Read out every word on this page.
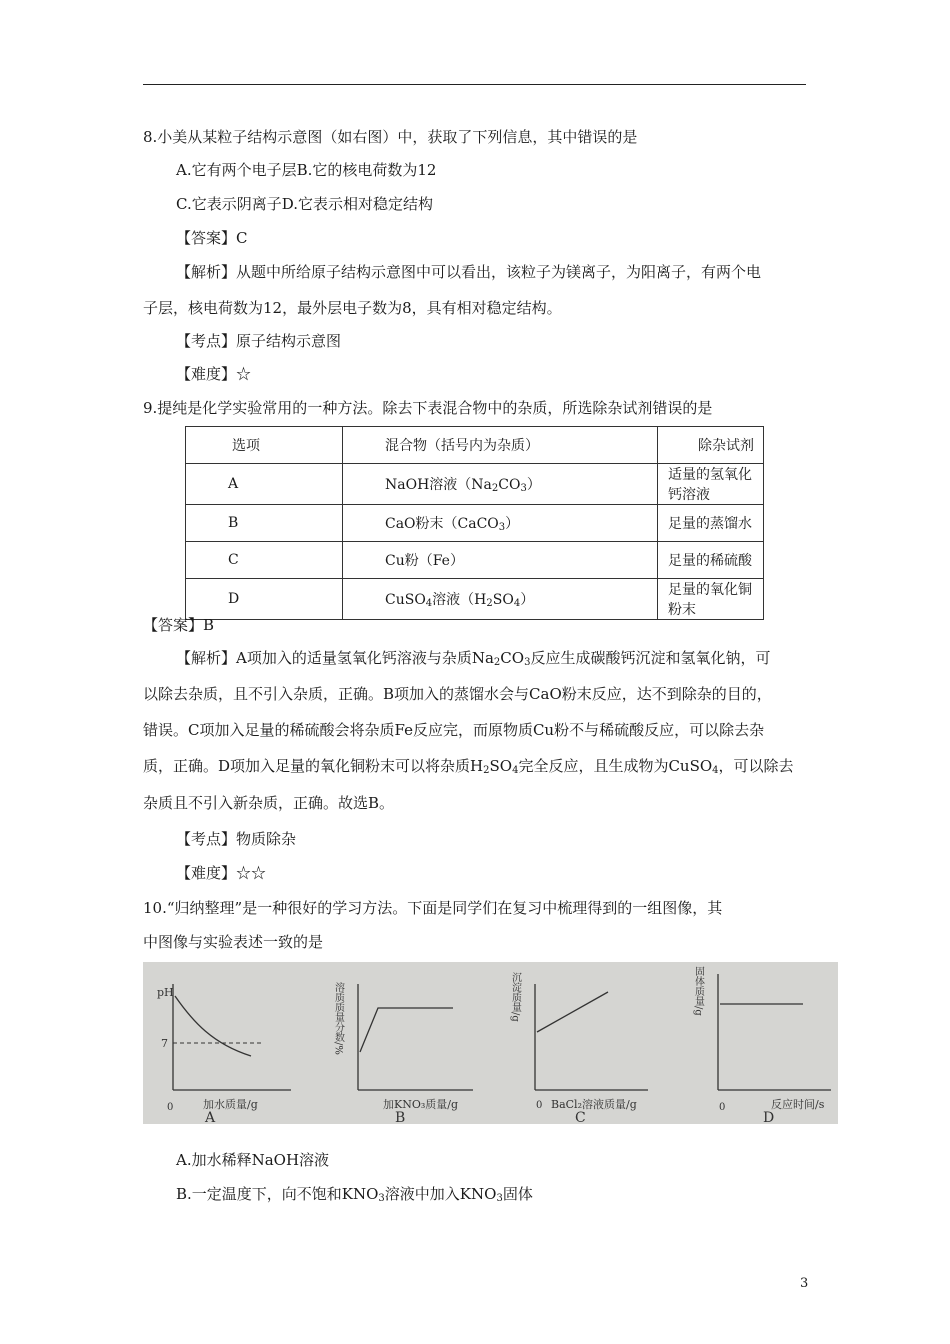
8.小美从某粒子结构示意图（如右图）中，获取了下列信息，其中错误的是
A.它有两个电子层B.它的核电荷数为12
C.它表示阴离子D.它表示相对稳定结构
【答案】C
【解析】从题中所给原子结构示意图中可以看出，该粒子为镁离子，为阳离子，有两个电
子层，核电荷数为12，最外层电子数为8，具有相对稳定结构。
【考点】原子结构示意图
【难度】☆
9.提纯是化学实验常用的一种方法。除去下表混合物中的杂质，所选除杂试剂错误的是
选项	混合物（括号内为杂质）	除杂试剂
A	NaOH溶液$(Na_2CO_3)$	适量的氢氧化钙溶液
B	CaO粉末（CaCO$_3$）	足量的蒸馏水
C	Cu粉（Fe）	足量的稀硫酸
D	CuSO$_4$溶液$(H_2SO_4)$	足量的氧化铜粉末
【答案】B
【解析】A项加入的适量氢氧化钙溶液与杂质$Na_2CO_3$反应生成碳酸钙沉淀和氢氧化钠，可
以除去杂质，且不引入杂质，正确。B项加入的蒸馏水会与CaO粉末反应，达不到除杂的目的，
错误。C项加入足量的稀硫酸会将杂质Fe反应完，而原物质Cu粉不与稀硫酸反应，可以除去杂
质，正确。D项加入足量的氧化铜粉末可以将杂质$H_2SO_4$完全反应，且生成物为CuSO$_4$，可以除去
杂质且不引入新杂质，正确。故选B。
【考点】物质除杂
【难度】☆☆
10.“归纳整理”是一种很好的学习方法。下面是同学们在复习中梳理得到的一组图像，其
中图像与实验表述一致的是
pH
7
0	加水质量/g
A
溶质质量分数/%
加KNO₃质量/g
B
沉淀质量/g
0 BaCl₂溶液质量/g
C
固体质量/g
0	反应时间/s
D
A.加水稀释NaOH溶液
B.一定温度下，向不饱和$KNO_3$溶液中加入$KNO_3$固体
3
